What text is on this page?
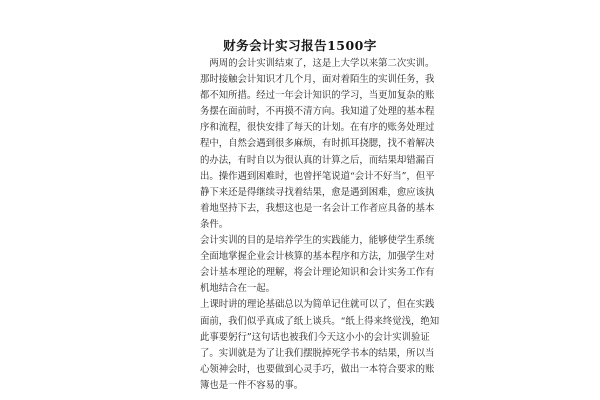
财务会计实习报告1500字
　两周的会计实训结束了，这是上大学以来第二次实训。
那时接触会计知识才几个月，面对着陌生的实训任务，我
都不知所措。经过一年会计知识的学习，当更加复杂的账
务摆在面前时，不再摸不清方向。我知道了处理的基本程
序和流程，很快安排了每天的计划。在有序的账务处理过
程中，自然会遇到很多麻烦，有时抓耳挠腮，找不着解决
的办法，有时自以为很认真的计算之后，而结果却错漏百
出。操作遇到困难时，也曾抨笔说道“会计不好当”，但平
静下来还是得继续寻找着结果，愈是遇到困难，愈应该执
着地坚持下去，我想这也是一名会计工作者应具备的基本
条件。
会计实训的目的是培养学生的实践能力，能够使学生系统
全面地掌握企业会计核算的基本程序和方法，加强学生对
会计基本理论的理解，将会计理论知识和会计实务工作有
机地结合在一起。
上课时讲的理论基础总以为简单记住就可以了，但在实践
面前，我们似乎真成了纸上谈兵。“纸上得来终觉浅，绝知
此事要躬行”这句话也被我们今天这小小的会计实训验证
了。实训就是为了让我们摆脱掉死学书本的结果，所以当
心领神会时，也要做到心灵手巧，做出一本符合要求的账
簿也是一件不容易的事。
